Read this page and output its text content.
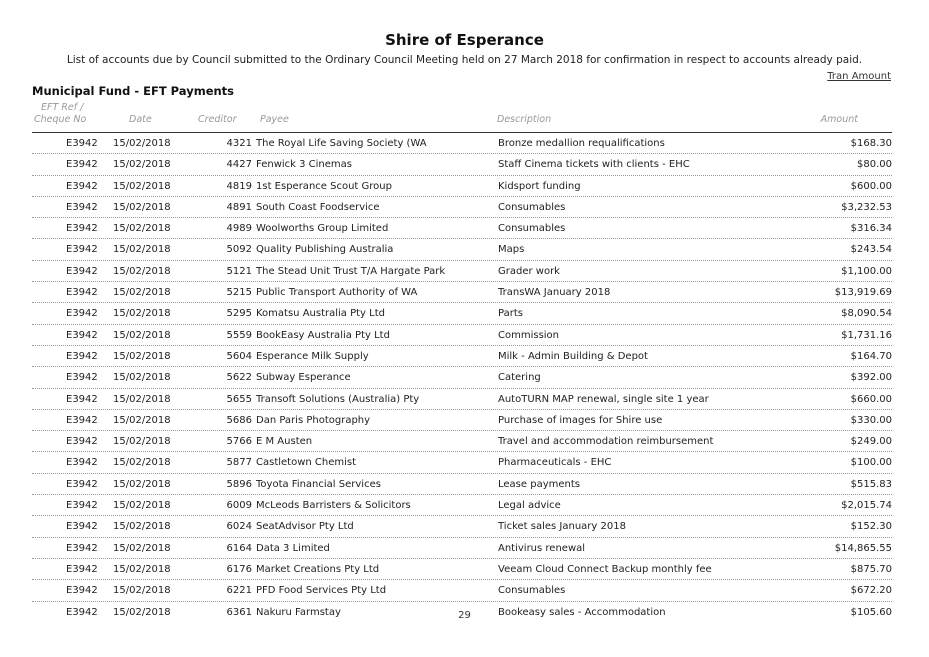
Shire of Esperance
List of accounts due by Council submitted to the Ordinary Council Meeting held on 27 March 2018 for confirmation in respect to accounts already paid.
Tran Amount
Municipal Fund - EFT Payments
EFT Ref /
Cheque No	Date	Creditor Payee	Description	Amount
E3942 15/02/2018	4321 The Royal Life Saving Society (WA	Bronze medallion requalifications	$168.30
E3942 15/02/2018	4427 Fenwick 3 Cinemas	Staff Cinema tickets with clients - EHC	$80.00
E3942 15/02/2018	4819 1st Esperance Scout Group	Kidsport funding	$600.00
E3942 15/02/2018	4891 South Coast Foodservice	Consumables	$3,232.53
E3942 15/02/2018	4989 Woolworths Group Limited	Consumables	$316.34
E3942 15/02/2018	5092 Quality Publishing Australia	Maps	$243.54
E3942 15/02/2018	5121 The Stead Unit Trust T/A Hargate Park	Grader work	$1,100.00
E3942 15/02/2018	5215 Public Transport Authority of WA	TransWA January 2018	$13,919.69
E3942 15/02/2018	5295 Komatsu Australia Pty Ltd	Parts	$8,090.54
E3942 15/02/2018	5559 BookEasy Australia Pty Ltd	Commission	$1,731.16
E3942 15/02/2018	5604 Esperance Milk Supply	Milk - Admin Building & Depot	$164.70
E3942 15/02/2018	5622 Subway Esperance	Catering	$392.00
E3942 15/02/2018	5655 Transoft Solutions (Australia) Pty	AutoTURN MAP renewal, single site 1 year	$660.00
E3942 15/02/2018	5686 Dan Paris Photography	Purchase of images for Shire use	$330.00
E3942 15/02/2018	5766 E M Austen	Travel and accommodation reimbursement	$249.00
E3942 15/02/2018	5877 Castletown Chemist	Pharmaceuticals - EHC	$100.00
E3942 15/02/2018	5896 Toyota Financial Services	Lease payments	$515.83
E3942 15/02/2018	6009 McLeods Barristers & Solicitors	Legal advice	$2,015.74
E3942 15/02/2018	6024 SeatAdvisor Pty Ltd	Ticket sales January 2018	$152.30
E3942 15/02/2018	6164 Data 3 Limited	Antivirus renewal	$14,865.55
E3942 15/02/2018	6176 Market Creations Pty Ltd	Veeam Cloud Connect Backup monthly fee	$875.70
E3942 15/02/2018	6221 PFD Food Services Pty Ltd	Consumables	$672.20
E3942 15/02/2018	6361 Nakuru Farmstay	Bookeasy sales - Accommodation	$105.60
29
